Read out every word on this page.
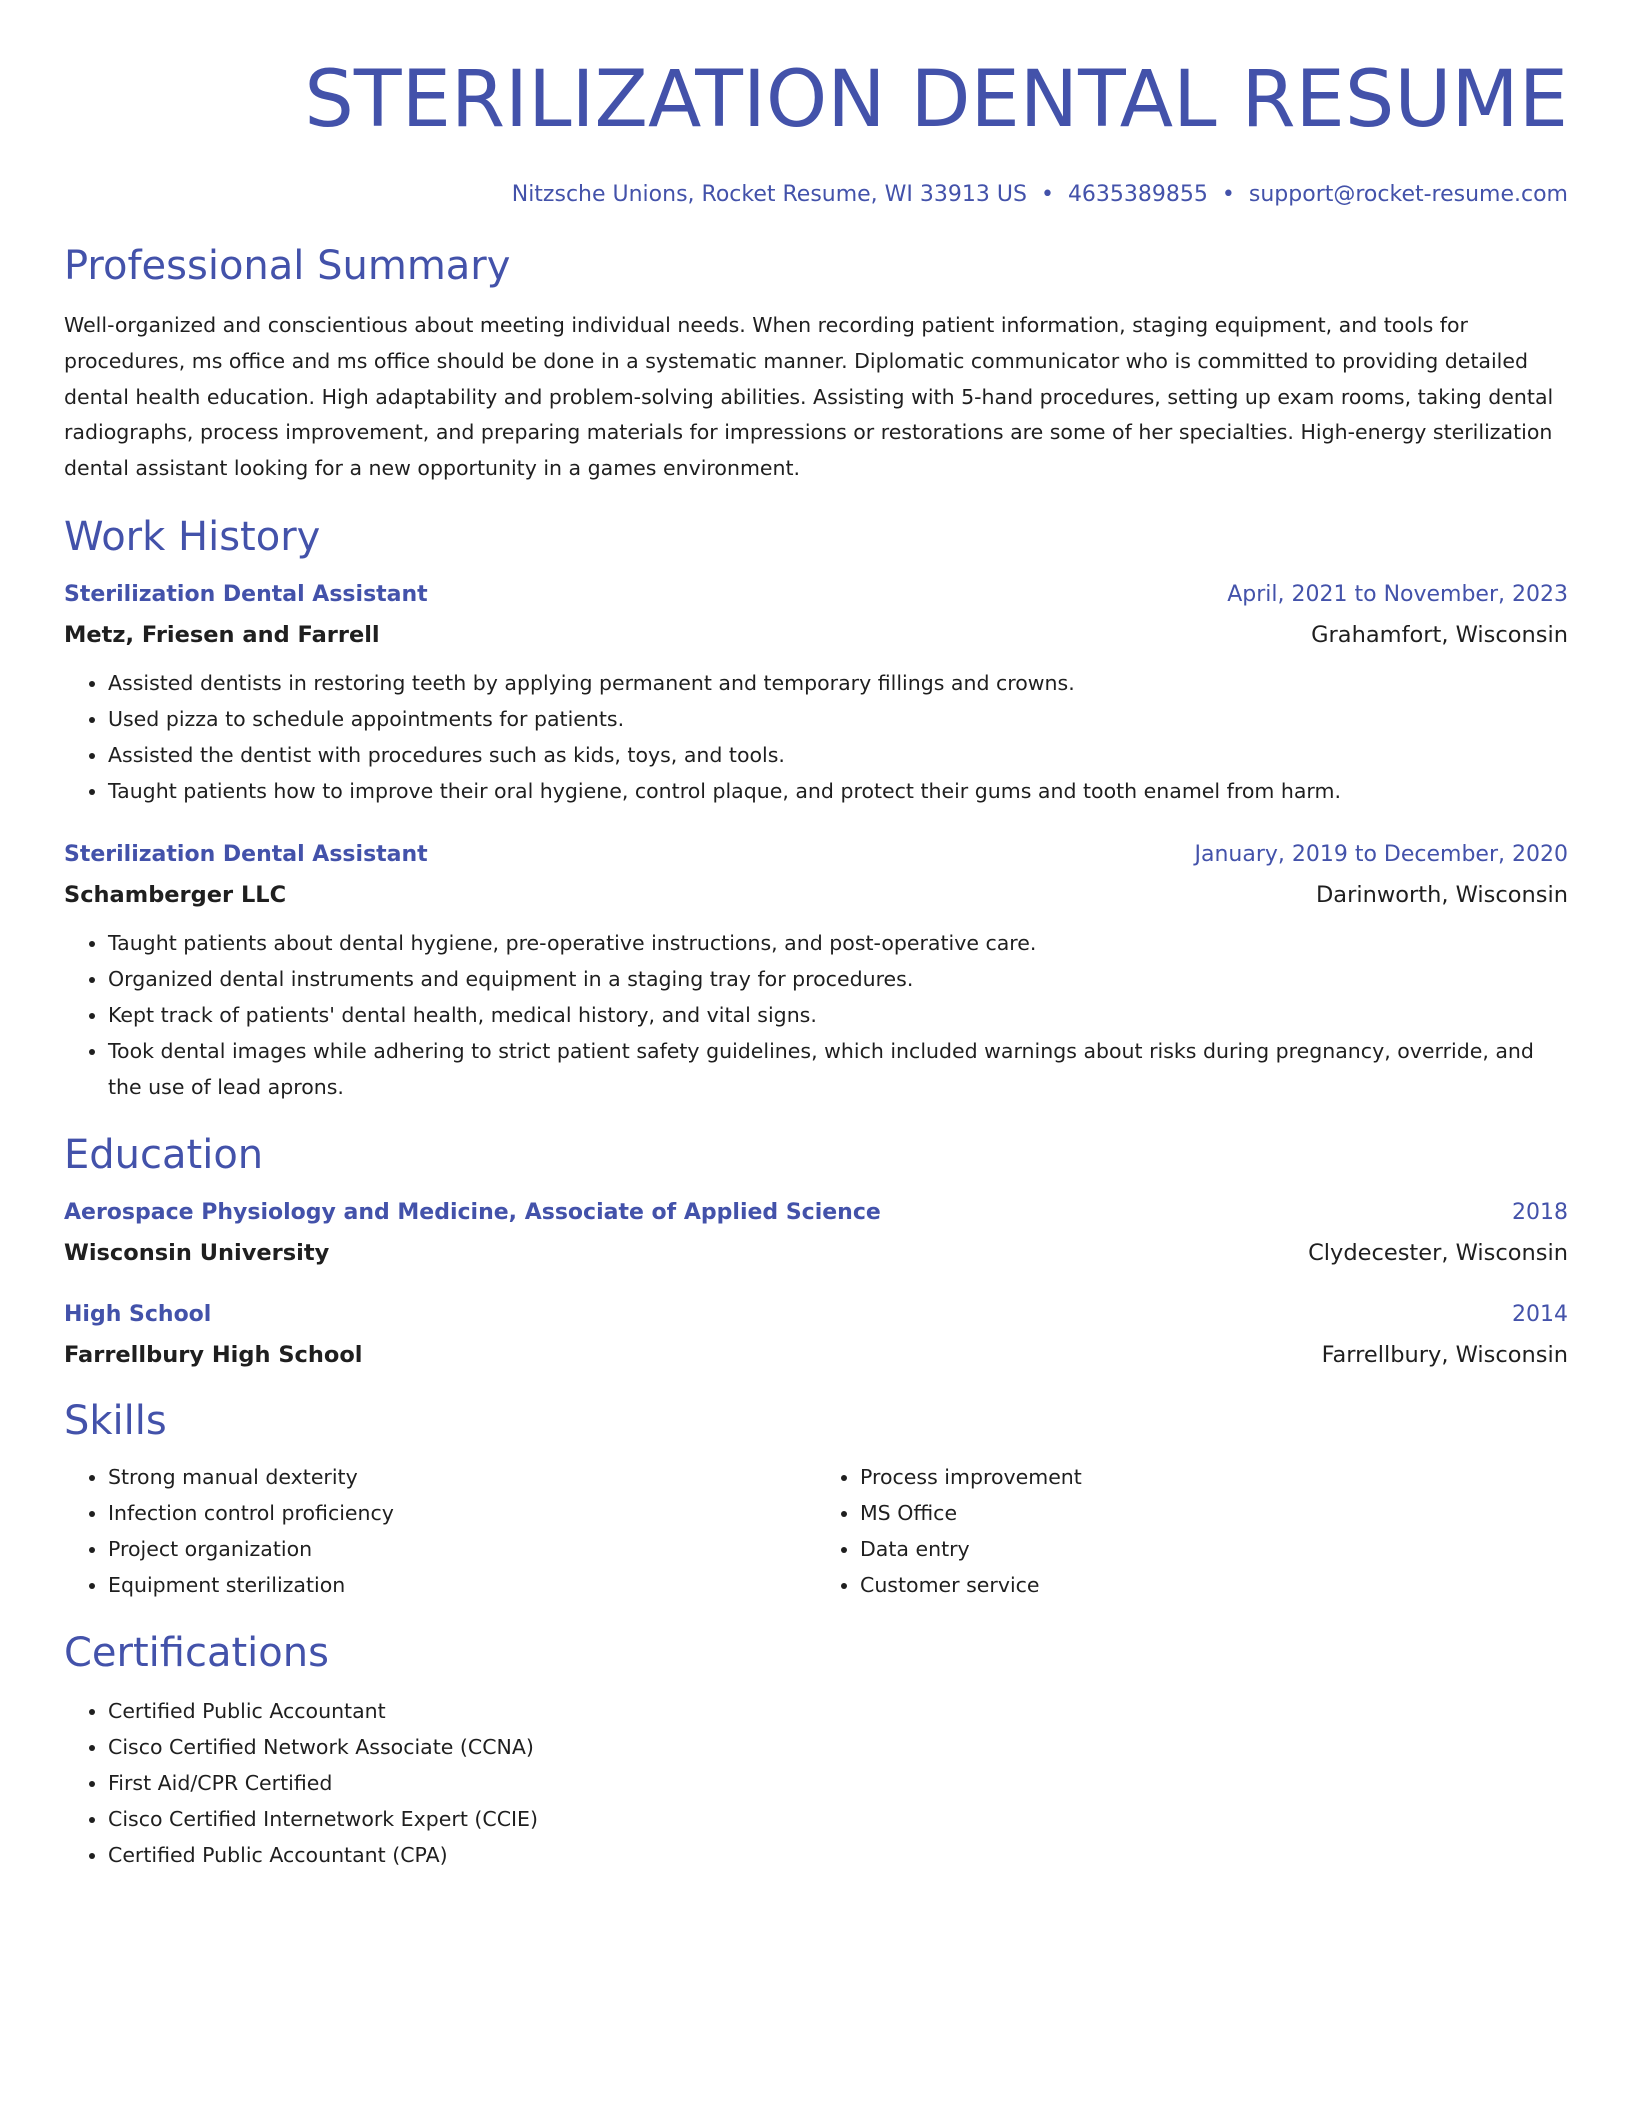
STERILIZATION DENTAL RESUME
Nitzsche Unions, Rocket Resume, WI 33913 US • 4635389855 • support@rocket-resume.com
Professional Summary
Well-organized and conscientious about meeting individual needs. When recording patient information, staging equipment, and tools for procedures, ms office and ms office should be done in a systematic manner. Diplomatic communicator who is committed to providing detailed dental health education. High adaptability and problem-solving abilities. Assisting with 5-hand procedures, setting up exam rooms, taking dental radiographs, process improvement, and preparing materials for impressions or restorations are some of her specialties. High-energy sterilization dental assistant looking for a new opportunity in a games environment.
Work History
Sterilization Dental Assistant	April, 2021 to November, 2023
Metz, Friesen and Farrell	Grahamfort, Wisconsin
• Assisted dentists in restoring teeth by applying permanent and temporary fillings and crowns.
• Used pizza to schedule appointments for patients.
• Assisted the dentist with procedures such as kids, toys, and tools.
• Taught patients how to improve their oral hygiene, control plaque, and protect their gums and tooth enamel from harm.
Sterilization Dental Assistant	January, 2019 to December, 2020
Schamberger LLC	Darinworth, Wisconsin
• Taught patients about dental hygiene, pre-operative instructions, and post-operative care.
• Organized dental instruments and equipment in a staging tray for procedures.
• Kept track of patients' dental health, medical history, and vital signs.
• Took dental images while adhering to strict patient safety guidelines, which included warnings about risks during pregnancy, override, and the use of lead aprons.
Education
Aerospace Physiology and Medicine, Associate of Applied Science	2018
Wisconsin University	Clydecester, Wisconsin
High School	2014
Farrellbury High School	Farrellbury, Wisconsin
Skills
• Strong manual dexterity
• Infection control proficiency
• Project organization
• Equipment sterilization
• Process improvement
• MS Office
• Data entry
• Customer service
Certifications
• Certified Public Accountant
• Cisco Certified Network Associate (CCNA)
• First Aid/CPR Certified
• Cisco Certified Internetwork Expert (CCIE)
• Certified Public Accountant (CPA)
